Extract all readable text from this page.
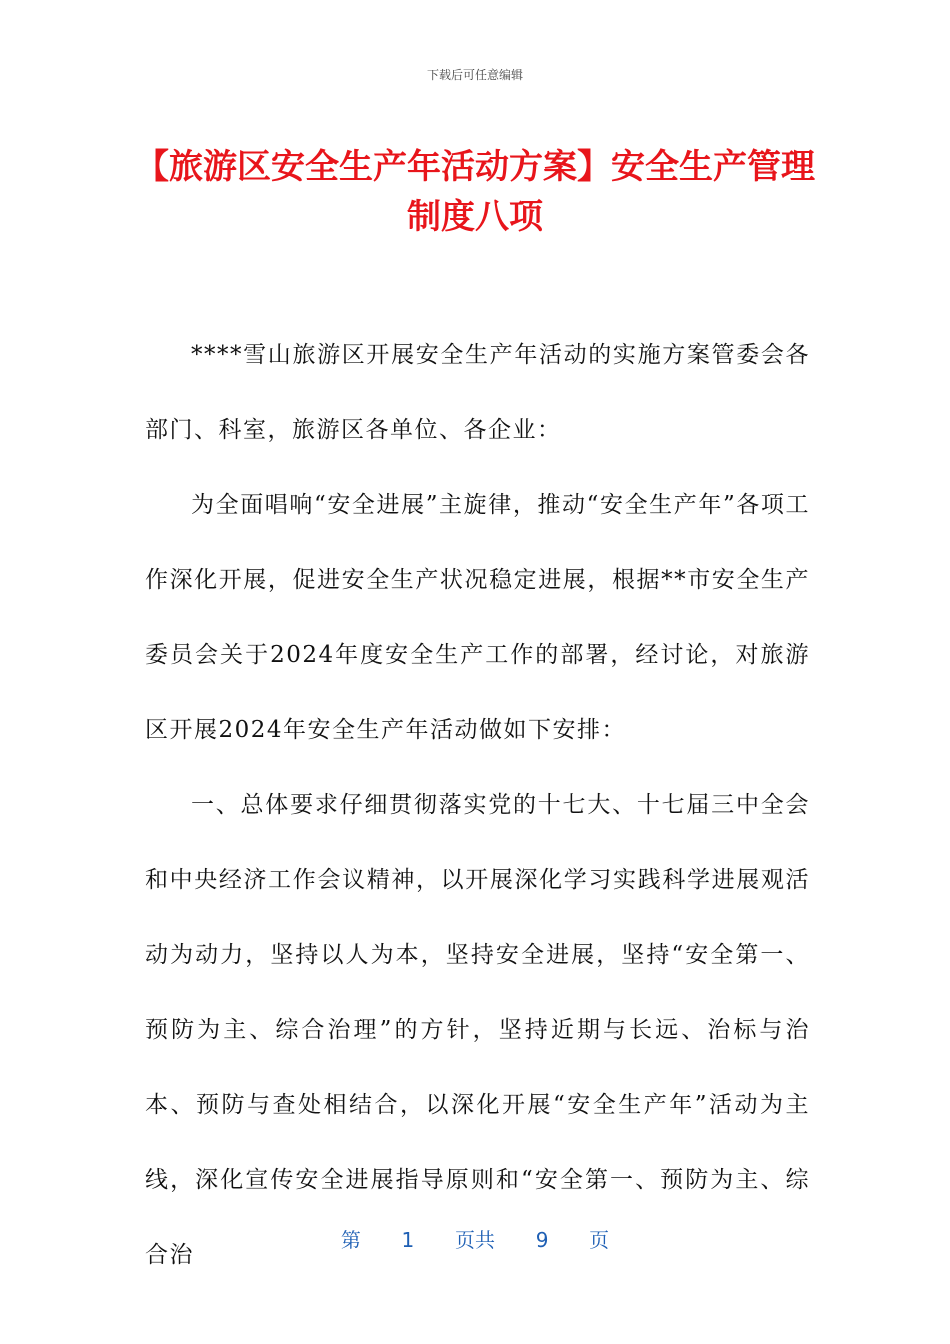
下载后可任意编辑
【旅游区安全生产年活动方案】安全生产管理制度八项

****雪山旅游区开展安全生产年活动的实施方案管委会各部门、科室，旅游区各单位、各企业：

为全面唱响“安全进展”主旋律，推动“安全生产年”各项工作深化开展，促进安全生产状况稳定进展，根据**市安全生产委员会关于2024年度安全生产工作的部署，经讨论，对旅游区开展2024年安全生产年活动做如下安排：

一、总体要求仔细贯彻落实党的十七大、十七届三中全会和中央经济工作会议精神，以开展深化学习实践科学进展观活动为动力，坚持以人为本，坚持安全进展，坚持“安全第一、预防为主、综合治理”的方针，坚持近期与长远、治标与治本、预防与查处相结合，以深化开展“安全生产年”活动为主线，深化宣传安全进展指导原则和“安全第一、预防为主、综合治

第 1 页共 9 页
